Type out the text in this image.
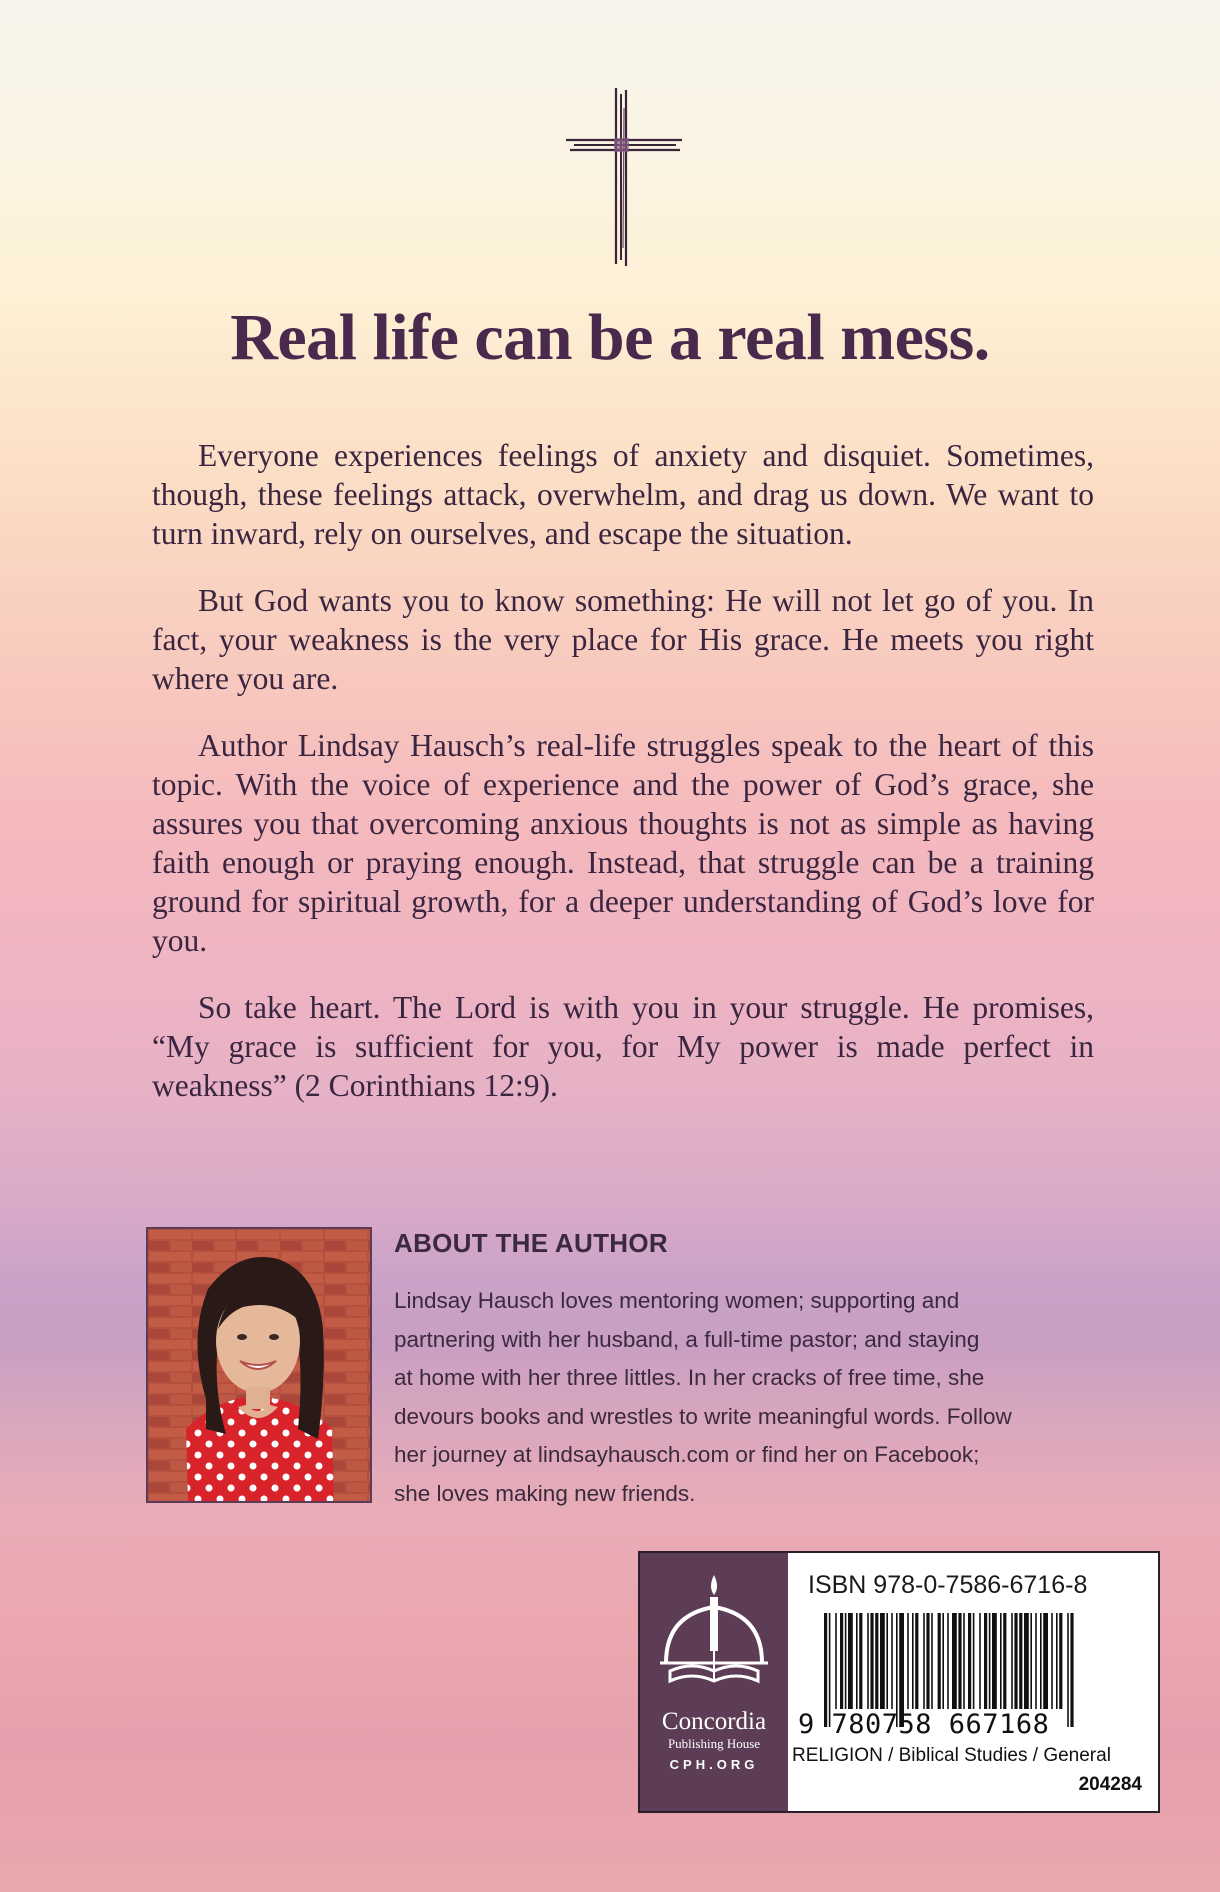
Real life can be a real mess.

Everyone experiences feelings of anxiety and disquiet. Sometimes, though, these feelings attack, overwhelm, and drag us down. We want to turn inward, rely on ourselves, and escape the situation.

But God wants you to know something: He will not let go of you. In fact, your weakness is the very place for His grace. He meets you right where you are.

Author Lindsay Hausch’s real-life struggles speak to the heart of this topic. With the voice of experience and the power of God’s grace, she assures you that overcoming anxious thoughts is not as simple as having faith enough or praying enough. Instead, that struggle can be a training ground for spiritual growth, for a deeper understanding of God’s love for you.

So take heart. The Lord is with you in your struggle. He promises, “My grace is sufficient for you, for My power is made perfect in weakness” (2 Corinthians 12:9).

ABOUT THE AUTHOR
Lindsay Hausch loves mentoring women; supporting and
partnering with her husband, a full-time pastor; and staying
at home with her three littles. In her cracks of free time, she
devours books and wrestles to write meaningful words. Follow
her journey at lindsayhausch.com or find her on Facebook;
she loves making new friends.
Concordia
Publishing House
CPH.ORG
ISBN 978-0-7586-6716-8
9 780758 667168
RELIGION / Biblical Studies / General
204284
